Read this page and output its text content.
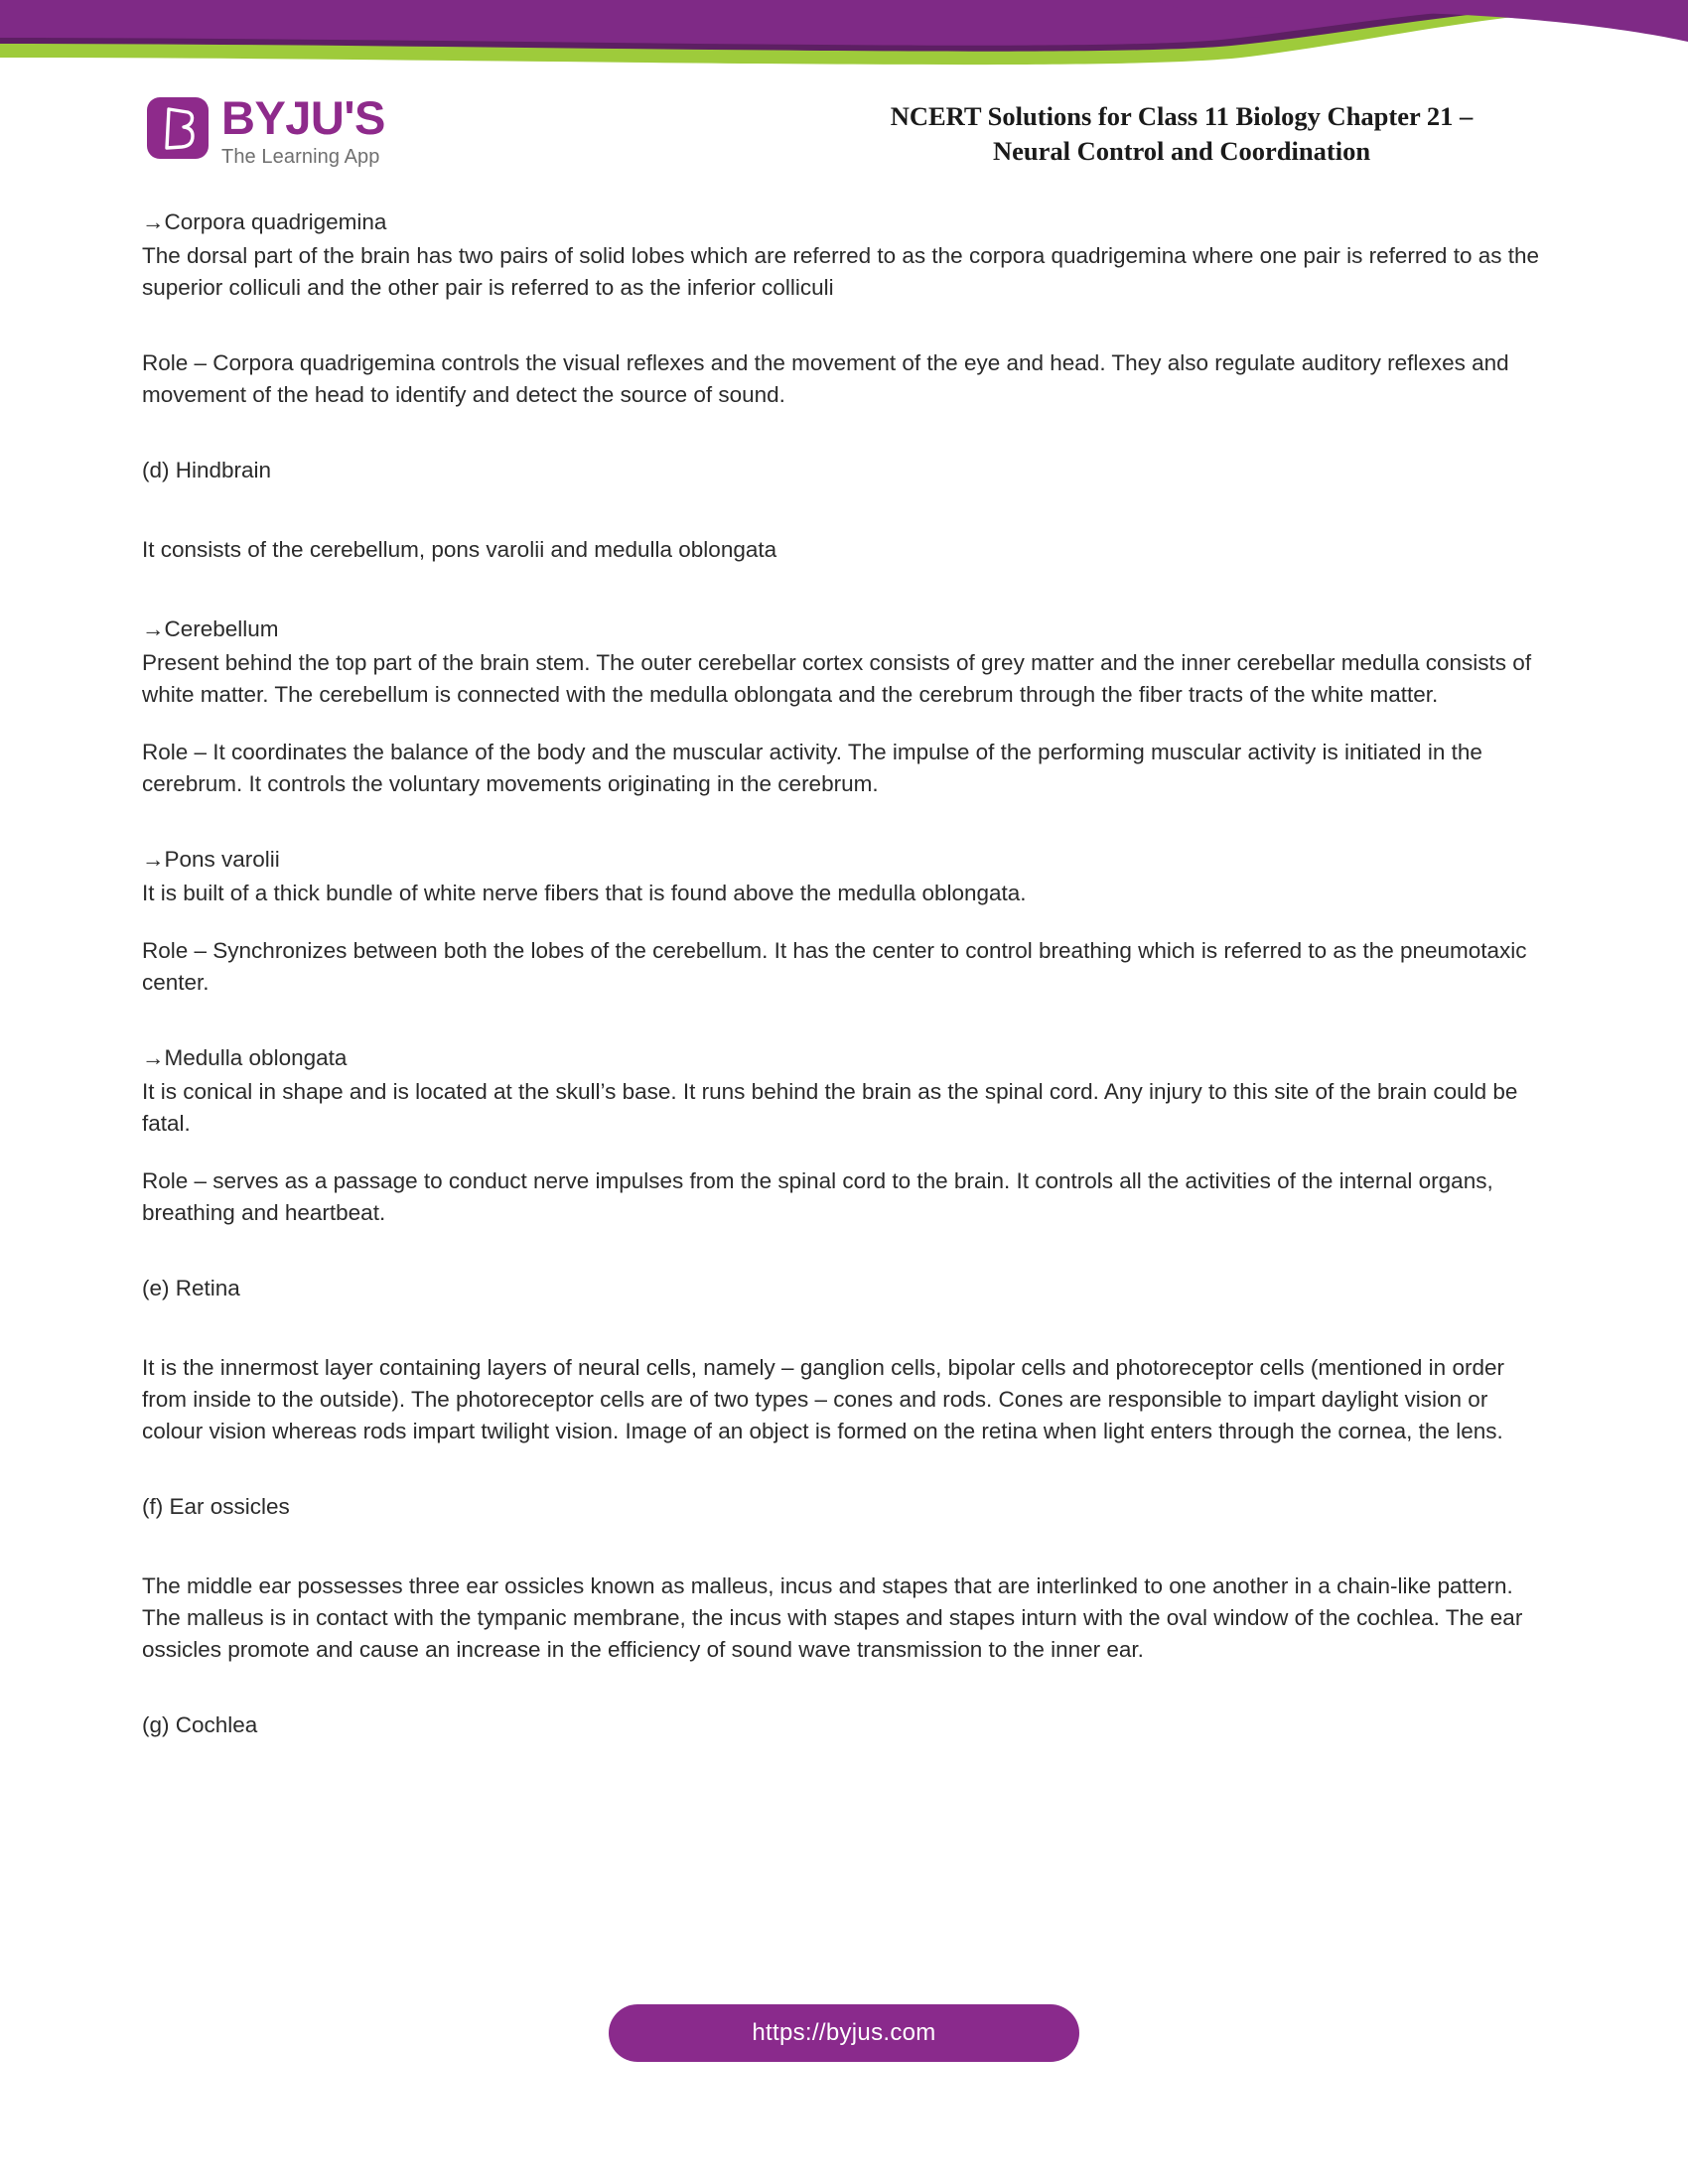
BYJU'S
The Learning App
NCERT Solutions for Class 11 Biology Chapter 21 –
Neural Control and Coordination

→Corpora quadrigemina

The dorsal part of the brain has two pairs of solid lobes which are referred to as the corpora quadrigemina where one pair is referred to as the superior colliculi and the other pair is referred to as the inferior colliculi

Role – Corpora quadrigemina controls the visual reflexes and the movement of the eye and head. They also regulate auditory reflexes and movement of the head to identify and detect the source of sound.

(d) Hindbrain

It consists of the cerebellum, pons varolii and medulla oblongata

→Cerebellum

Present behind the top part of the brain stem. The outer cerebellar cortex consists of grey matter and the inner cerebellar medulla consists of white matter. The cerebellum is connected with the medulla oblongata and the cerebrum through the fiber tracts of the white matter.

Role – It coordinates the balance of the body and the muscular activity. The impulse of the performing muscular activity is initiated in the cerebrum. It controls the voluntary movements originating in the cerebrum.

→Pons varolii

It is built of a thick bundle of white nerve fibers that is found above the medulla oblongata.

Role – Synchronizes between both the lobes of the cerebellum. It has the center to control breathing which is referred to as the pneumotaxic center.

→Medulla oblongata

It is conical in shape and is located at the skull’s base. It runs behind the brain as the spinal cord. Any injury to this site of the brain could be fatal.

Role – serves as a passage to conduct nerve impulses from the spinal cord to the brain. It controls all the activities of the internal organs, breathing and heartbeat.

(e) Retina

It is the innermost layer containing layers of neural cells, namely – ganglion cells, bipolar cells and photoreceptor cells (mentioned in order from inside to the outside). The photoreceptor cells are of two types – cones and rods. Cones are responsible to impart daylight vision or colour vision whereas rods impart twilight vision. Image of an object is formed on the retina when light enters through the cornea, the lens.

(f) Ear ossicles

The middle ear possesses three ear ossicles known as malleus, incus and stapes that are interlinked to one another in a chain-like pattern. The malleus is in contact with the tympanic membrane, the incus with stapes and stapes inturn with the oval window of the cochlea. The ear ossicles promote and cause an increase in the efficiency of sound wave transmission to the inner ear.

(g) Cochlea

https://byjus.com
